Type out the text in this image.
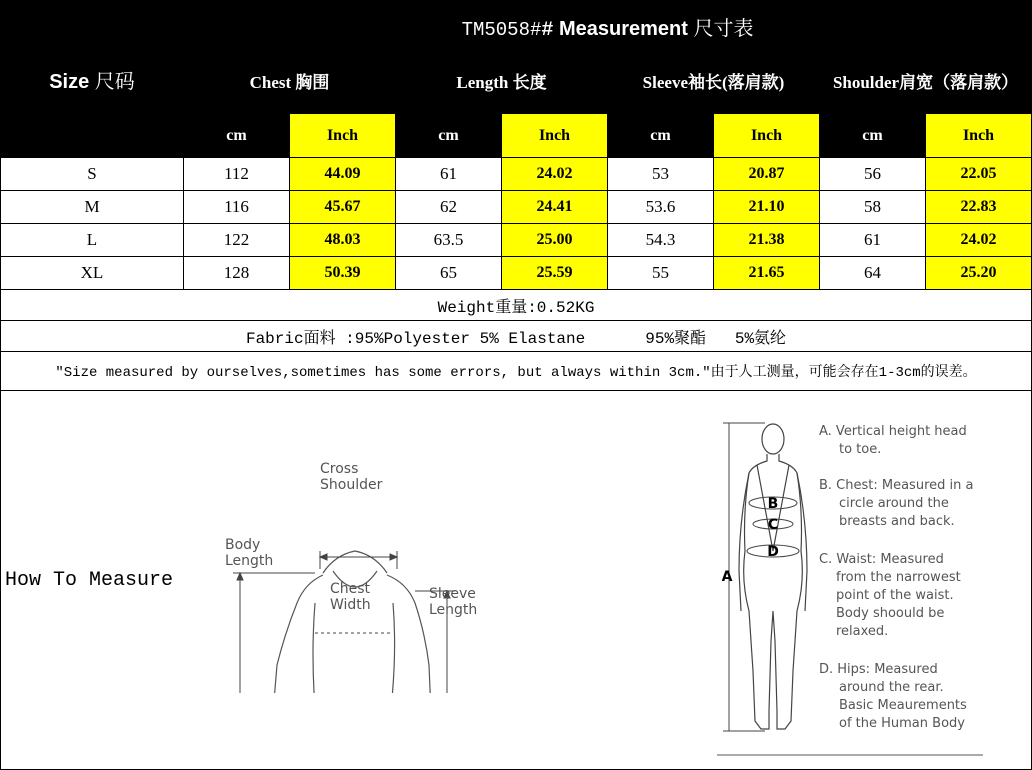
Size 尺码	TM5058## Measurement 尺寸表							
	Chest 胸围		Length 长度		Sleeve袖长(落肩款)		Shoulder肩宽（落肩款）	
	cm	Inch	cm	Inch	cm	Inch	cm	Inch
S	112	44.09	61	24.02	53	20.87	56	22.05
M	116	45.67	62	24.41	53.6	21.10	58	22.83
L	122	48.03	63.5	25.00	54.3	21.38	61	24.02
XL	128	50.39	65	25.59	55	21.65	64	25.20
Weight重量:0.52KG								
Fabric面料 :95%Polyester 5% Elastane 95%聚酯   5%氨纶								
"Size measured by ourselves,sometimes has some errors, but always within 3cm."由于人工测量，可能会存在1-3cm的误差。								
How To Measure
Cross
Shoulder
Body
Length
Chest
Width
Sleeve
Length
A
B
C
D
A. Vertical height head
to toe.
B. Chest: Measured in a
circle around the
breasts and back.
C. Waist: Measured
from the narrowest
point of the waist.
Body shoould be
relaxed.
D. Hips: Measured
around the rear.
Basic Meaurements
of the Human Body
